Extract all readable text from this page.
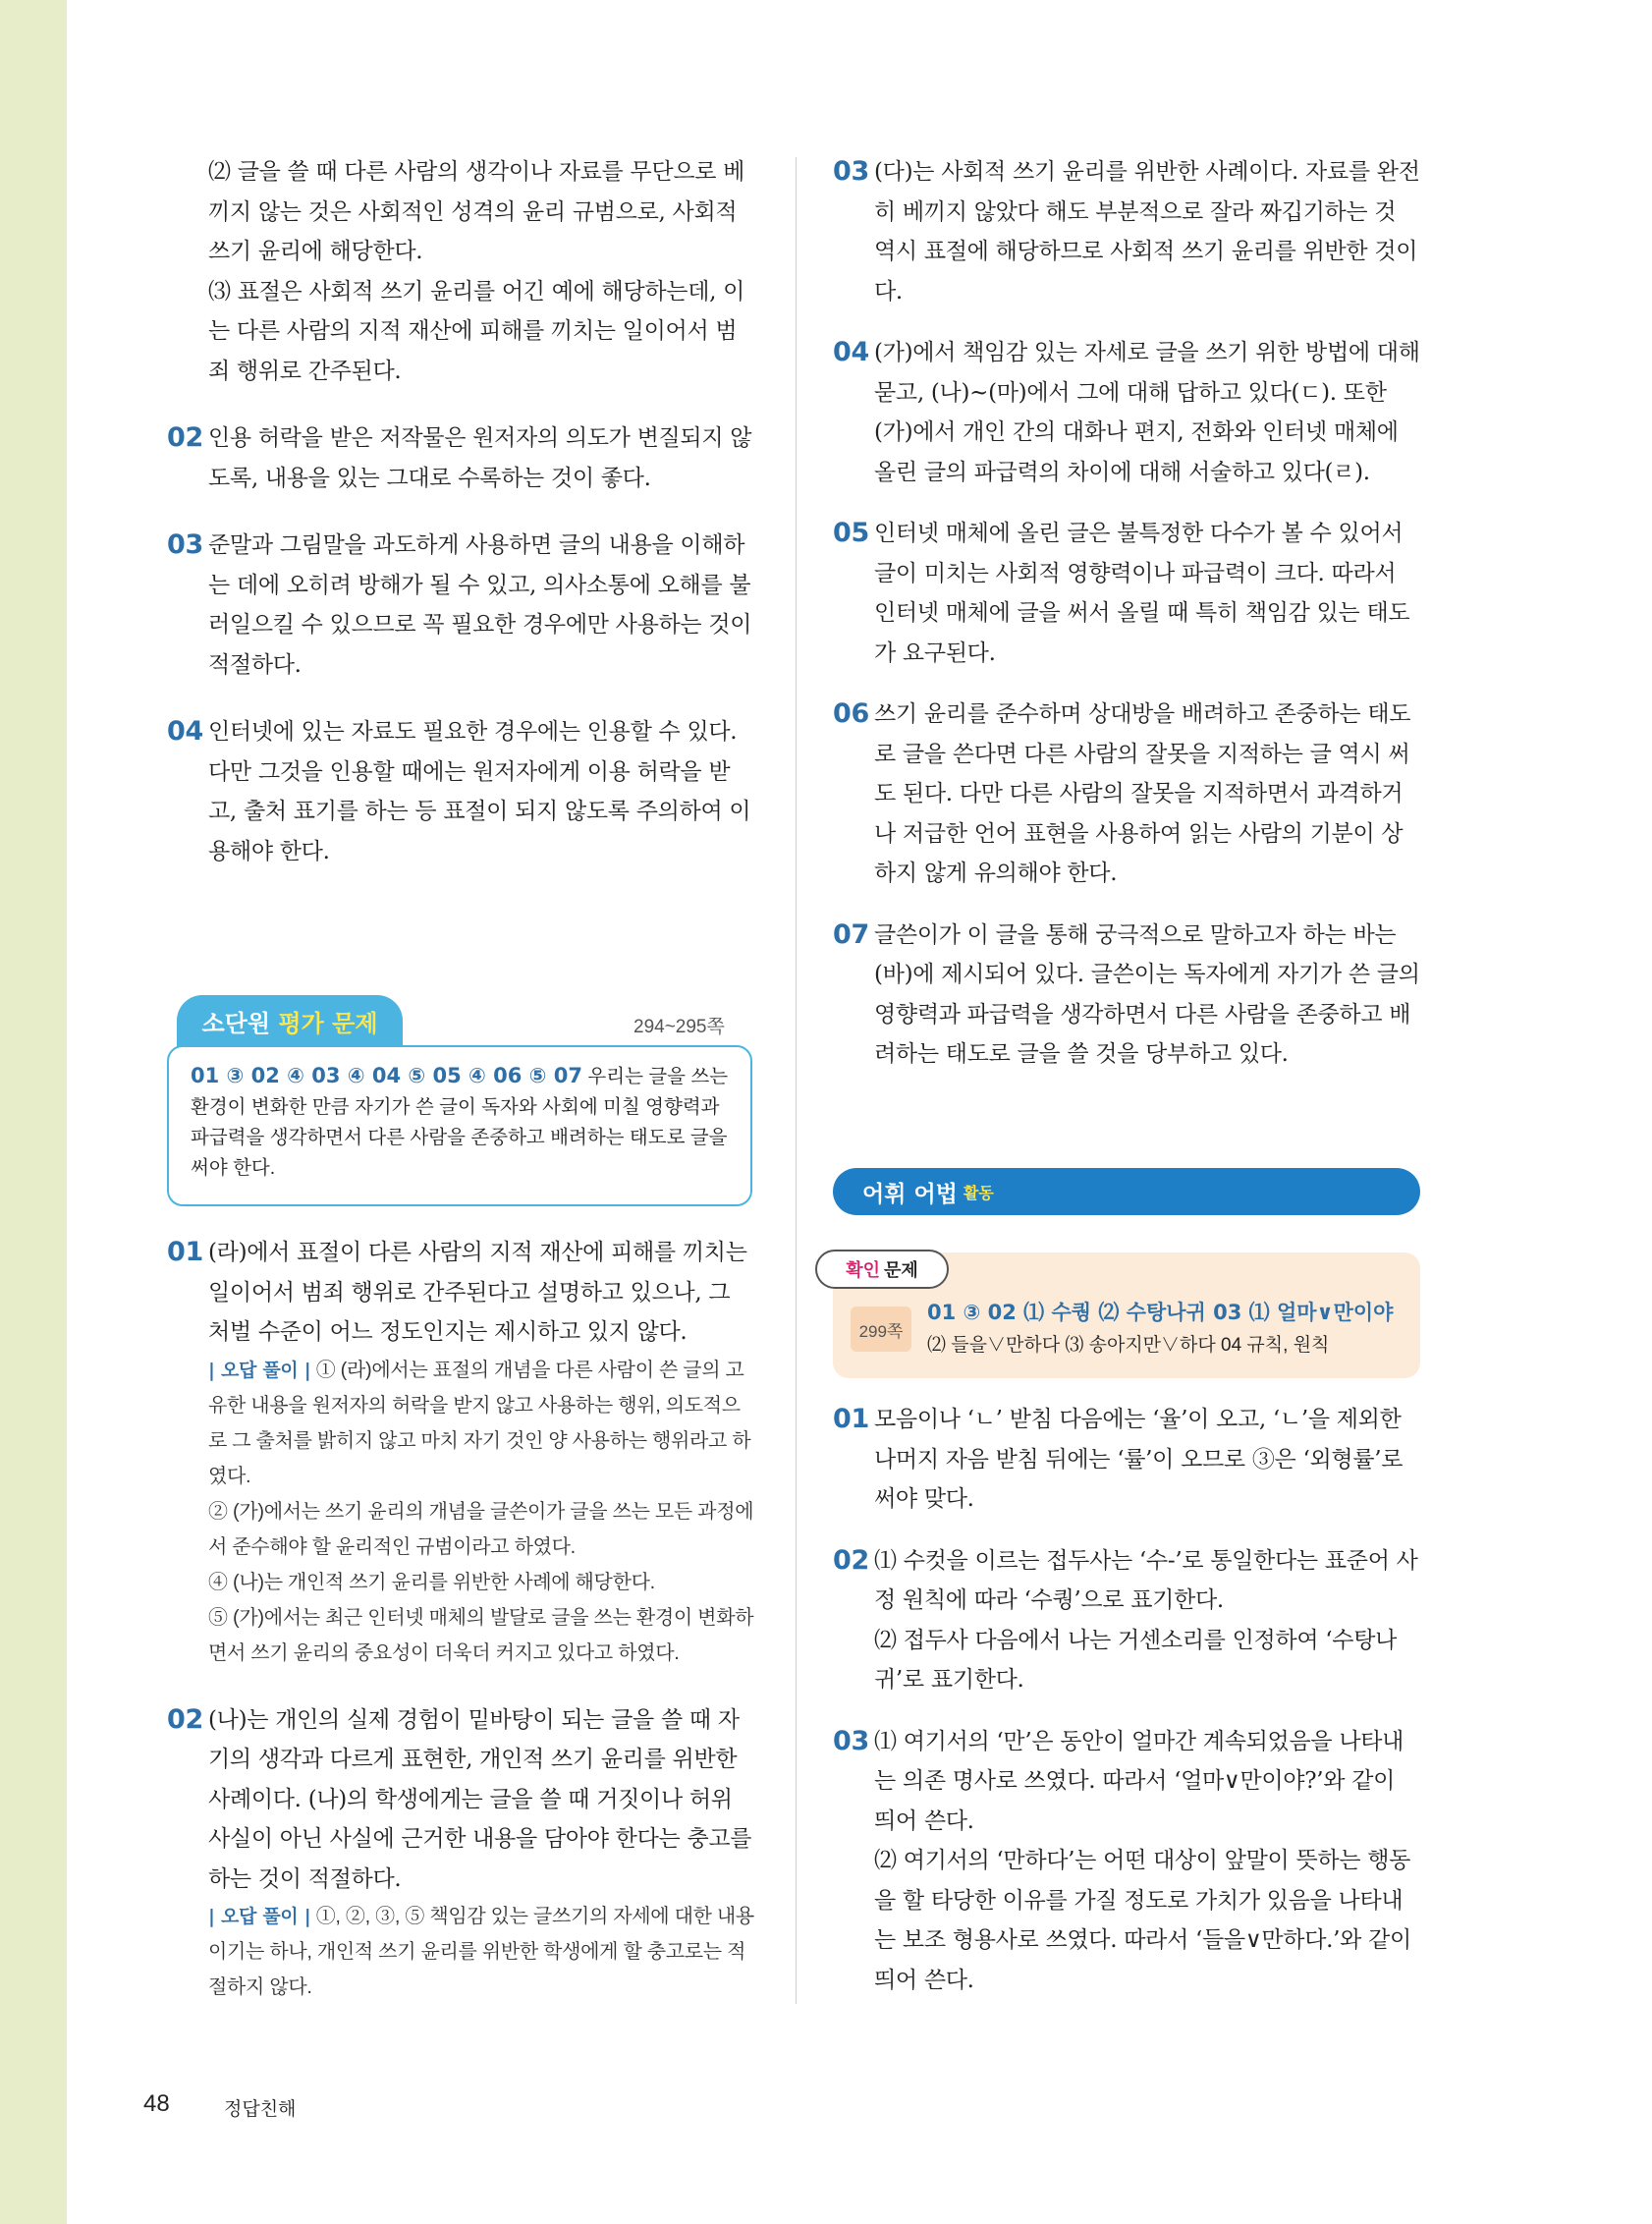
⑵ 글을 쓸 때 다른 사람의 생각이나 자료를 무단으로 베끼지 않는 것은 사회적인 성격의 윤리 규범으로, 사회적 쓰기 윤리에 해당한다.

⑶ 표절은 사회적 쓰기 윤리를 어긴 예에 해당하는데, 이는 다른 사람의 지적 재산에 피해를 끼치는 일이어서 범죄 행위로 간주된다.

02 인용 허락을 받은 저작물은 원저자의 의도가 변질되지 않도록, 내용을 있는 그대로 수록하는 것이 좋다.

03 준말과 그림말을 과도하게 사용하면 글의 내용을 이해하는 데에 오히려 방해가 될 수 있고, 의사소통에 오해를 불러일으킬 수 있으므로 꼭 필요한 경우에만 사용하는 것이 적절하다.

04 인터넷에 있는 자료도 필요한 경우에는 인용할 수 있다. 다만 그것을 인용할 때에는 원저자에게 이용 허락을 받고, 출처 표기를 하는 등 표절이 되지 않도록 주의하여 이용해야 한다.

소단원
평가 문제	294~295쪽
01 ③ 02 ④ 03 ④ 04 ⑤ 05 ④ 06 ⑤ 07 우리는 글을 쓰는 환경이 변화한 만큼 자기가 쓴 글이 독자와 사회에 미칠 영향력과 파급력을 생각하면서 다른 사람을 존중하고 배려하는 태도로 글을 써야 한다.
01 (라)에서 표절이 다른 사람의 지적 재산에 피해를 끼치는 일이어서 범죄 행위로 간주된다고 설명하고 있으나, 그 처벌 수준이 어느 정도인지는 제시하고 있지 않다.

| 오답 풀이 | ① (라)에서는 표절의 개념을 다른 사람이 쓴 글의 고유한 내용을 원저자의 허락을 받지 않고 사용하는 행위, 의도적으로 그 출처를 밝히지 않고 마치 자기 것인 양 사용하는 행위라고 하였다.

② (가)에서는 쓰기 윤리의 개념을 글쓴이가 글을 쓰는 모든 과정에서 준수해야 할 윤리적인 규범이라고 하였다.

④ (나)는 개인적 쓰기 윤리를 위반한 사례에 해당한다.

⑤ (가)에서는 최근 인터넷 매체의 발달로 글을 쓰는 환경이 변화하면서 쓰기 윤리의 중요성이 더욱더 커지고 있다고 하였다.

02 (나)는 개인의 실제 경험이 밑바탕이 되는 글을 쓸 때 자기의 생각과 다르게 표현한, 개인적 쓰기 윤리를 위반한 사례이다. (나)의 학생에게는 글을 쓸 때 거짓이나 허위 사실이 아닌 사실에 근거한 내용을 담아야 한다는 충고를 하는 것이 적절하다.

| 오답 풀이 | ①, ②, ③, ⑤ 책임감 있는 글쓰기의 자세에 대한 내용이기는 하나, 개인적 쓰기 윤리를 위반한 학생에게 할 충고로는 적절하지 않다.
03 (다)는 사회적 쓰기 윤리를 위반한 사례이다. 자료를 완전히 베끼지 않았다 해도 부분적으로 잘라 짜깁기하는 것 역시 표절에 해당하므로 사회적 쓰기 윤리를 위반한 것이다.

04 (가)에서 책임감 있는 자세로 글을 쓰기 위한 방법에 대해 묻고, (나)~(마)에서 그에 대해 답하고 있다(ㄷ). 또한 (가)에서 개인 간의 대화나 편지, 전화와 인터넷 매체에 올린 글의 파급력의 차이에 대해 서술하고 있다(ㄹ).

05 인터넷 매체에 올린 글은 불특정한 다수가 볼 수 있어서 글이 미치는 사회적 영향력이나 파급력이 크다. 따라서 인터넷 매체에 글을 써서 올릴 때 특히 책임감 있는 태도가 요구된다.

06 쓰기 윤리를 준수하며 상대방을 배려하고 존중하는 태도로 글을 쓴다면 다른 사람의 잘못을 지적하는 글 역시 써도 된다. 다만 다른 사람의 잘못을 지적하면서 과격하거나 저급한 언어 표현을 사용하여 읽는 사람의 기분이 상하지 않게 유의해야 한다.

07 글쓴이가 이 글을 통해 궁극적으로 말하고자 하는 바는 (바)에 제시되어 있다. 글쓴이는 독자에게 자기가 쓴 글의 영향력과 파급력을 생각하면서 다른 사람을 존중하고 배려하는 태도로 글을 쓸 것을 당부하고 있다.

어휘 어법 활동
확인 문제
299쪽
01 ③ 02 ⑴ 수퀑 ⑵ 수탕나귀 03 ⑴ 얼마∨만이야
⑵ 들을∨만하다 ⑶ 송아지만∨하다 04 규칙, 원칙
01 모음이나 ‘ㄴ’ 받침 다음에는 ‘율’이 오고, ‘ㄴ’을 제외한 나머지 자음 받침 뒤에는 ‘률’이 오므로 ③은 ‘외형률’로 써야 맞다.

02 ⑴ 수컷을 이르는 접두사는 ‘수-’로 통일한다는 표준어 사정 원칙에 따라 ‘수퀑’으로 표기한다.

⑵ 접두사 다음에서 나는 거센소리를 인정하여 ‘수탕나귀’로 표기한다.

03 ⑴ 여기서의 ‘만’은 동안이 얼마간 계속되었음을 나타내는 의존 명사로 쓰였다. 따라서 ‘얼마∨만이야?’와 같이 띄어 쓴다.

⑵ 여기서의 ‘만하다’는 어떤 대상이 앞말이 뜻하는 행동을 할 타당한 이유를 가질 정도로 가치가 있음을 나타내는 보조 형용사로 쓰였다. 따라서 ‘들을∨만하다.’와 같이 띄어 쓴다.

48	정답친해
